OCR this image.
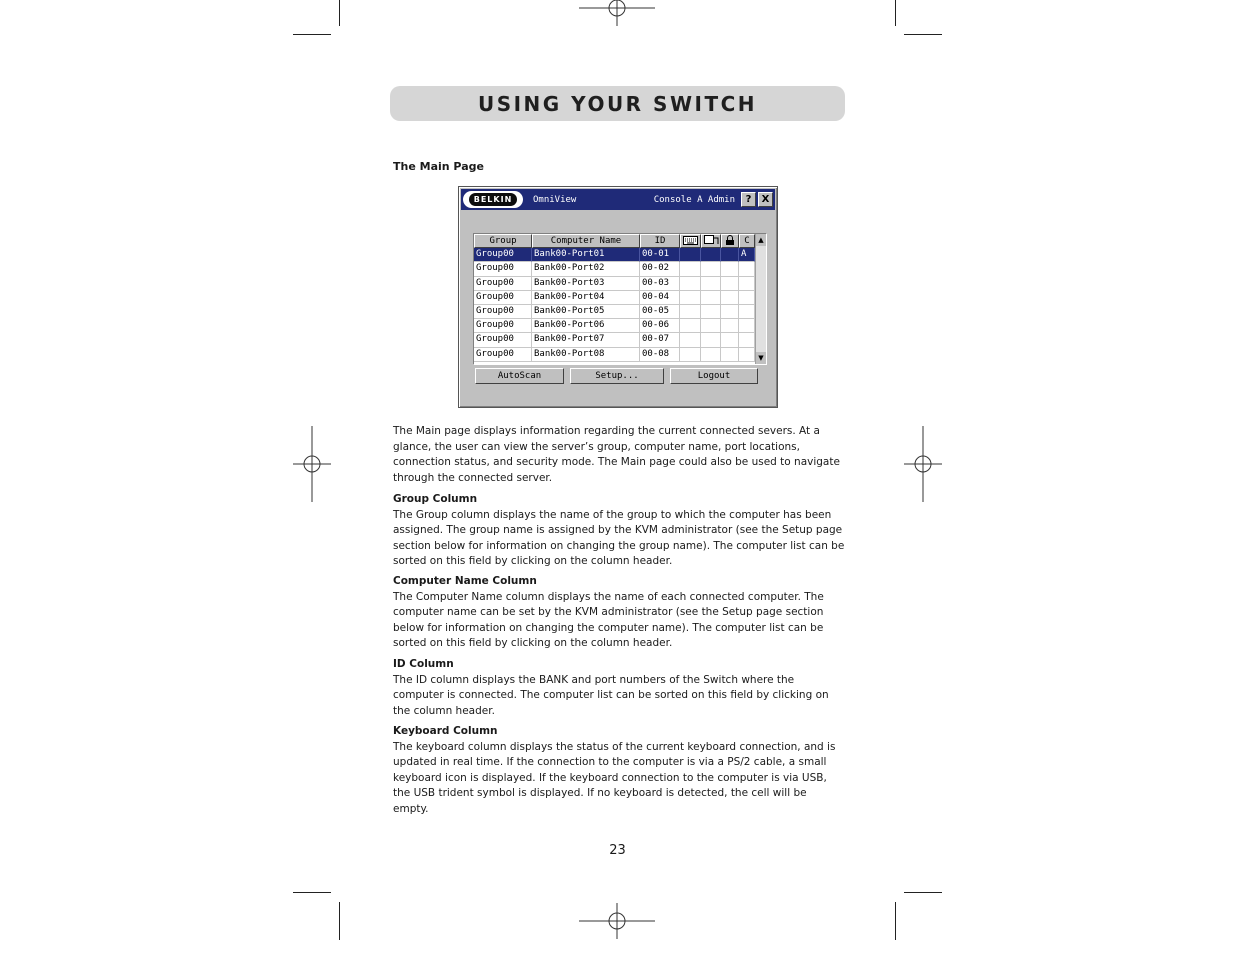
USING YOUR SWITCH
The Main Page
BELKIN	OmniView	Console A Admin ? X
Group	Computer Name	ID	C
Group00	Bank00-Port01	00-01	A
Group00	Bank00-Port02	00-02
Group00	Bank00-Port03	00-03
Group00	Bank00-Port04	00-04
Group00	Bank00-Port05	00-05
Group00	Bank00-Port06	00-06
Group00	Bank00-Port07	00-07
Group00	Bank00-Port08	00-08
▲
▼
AutoScan	Setup...	Logout
The Main page displays information regarding the current connected severs. At a glance, the user can view the server’s group, computer name, port locations, connection status, and security mode. The Main page could also be used to navigate through the connected server.
Group Column
The Group column displays the name of the group to which the computer has been assigned. The group name is assigned by the KVM administrator (see the Setup page section below for information on changing the group name). The computer list can be sorted on this field by clicking on the column header.
Computer Name Column
The Computer Name column displays the name of each connected computer. The computer name can be set by the KVM administrator (see the Setup page section below for information on changing the computer name). The computer list can be sorted on this field by clicking on the column header.
ID Column
The ID column displays the BANK and port numbers of the Switch where the computer is connected. The computer list can be sorted on this field by clicking on the column header.
Keyboard Column
The keyboard column displays the status of the current keyboard connection, and is updated in real time. If the connection to the computer is via a PS/2 cable, a small keyboard icon is displayed. If the keyboard connection to the computer is via USB, the USB trident symbol is displayed. If no keyboard is detected, the cell will be empty.
23
